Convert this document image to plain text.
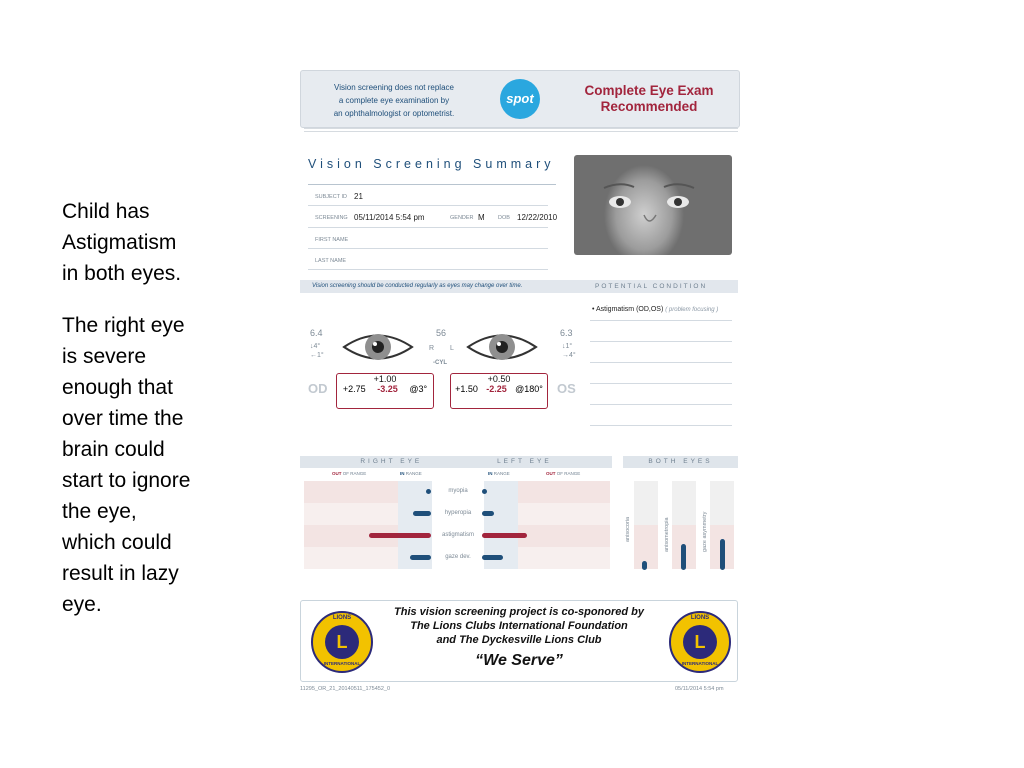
Child has
Astigmatism
in both eyes.

The right eye
is severe
enough that
over time the
brain could
start to ignore
the eye,
which could
result in lazy
eye.

Vision screening does not replace
a complete eye examination by
an ophthalmologist or optometrist.
spot
Complete Eye Exam
Recommended
Vision Screening Summary
SUBJECT ID 21
SCREENING 05/11/2014 5:54 pm	GENDER M DOB 12/22/2010
FIRST NAME
LAST NAME
Vision screening should be conducted regularly as eyes may change over time.	POTENTIAL CONDITION
• Astigmatism (OD,OS) ( problem focusing )
6.4
↓4°
←1°
56
R L
-CYL
6.3
↓1°
→4°
OD	OS
+1.00
+2.75 -3.25 @3°
+0.50
+1.50 -2.25 @180°
RIGHT EYE	LEFT EYE	BOTH EYES
OUT OF RANGE	IN RANGE	IN RANGE	OUT OF RANGE
myopia
hyperopia
astigmatism
gaze dev.
anisocoria	anisometropia	gaze asymmetry
LIONS
L
INTERNATIONAL
This vision screening project is co-sponored by
The Lions Clubs International Foundation
and The Dyckesville Lions Club
“We Serve”
LIONS
L
INTERNATIONAL
11295_OR_21_20140511_175452_0	05/11/2014 5:54 pm
